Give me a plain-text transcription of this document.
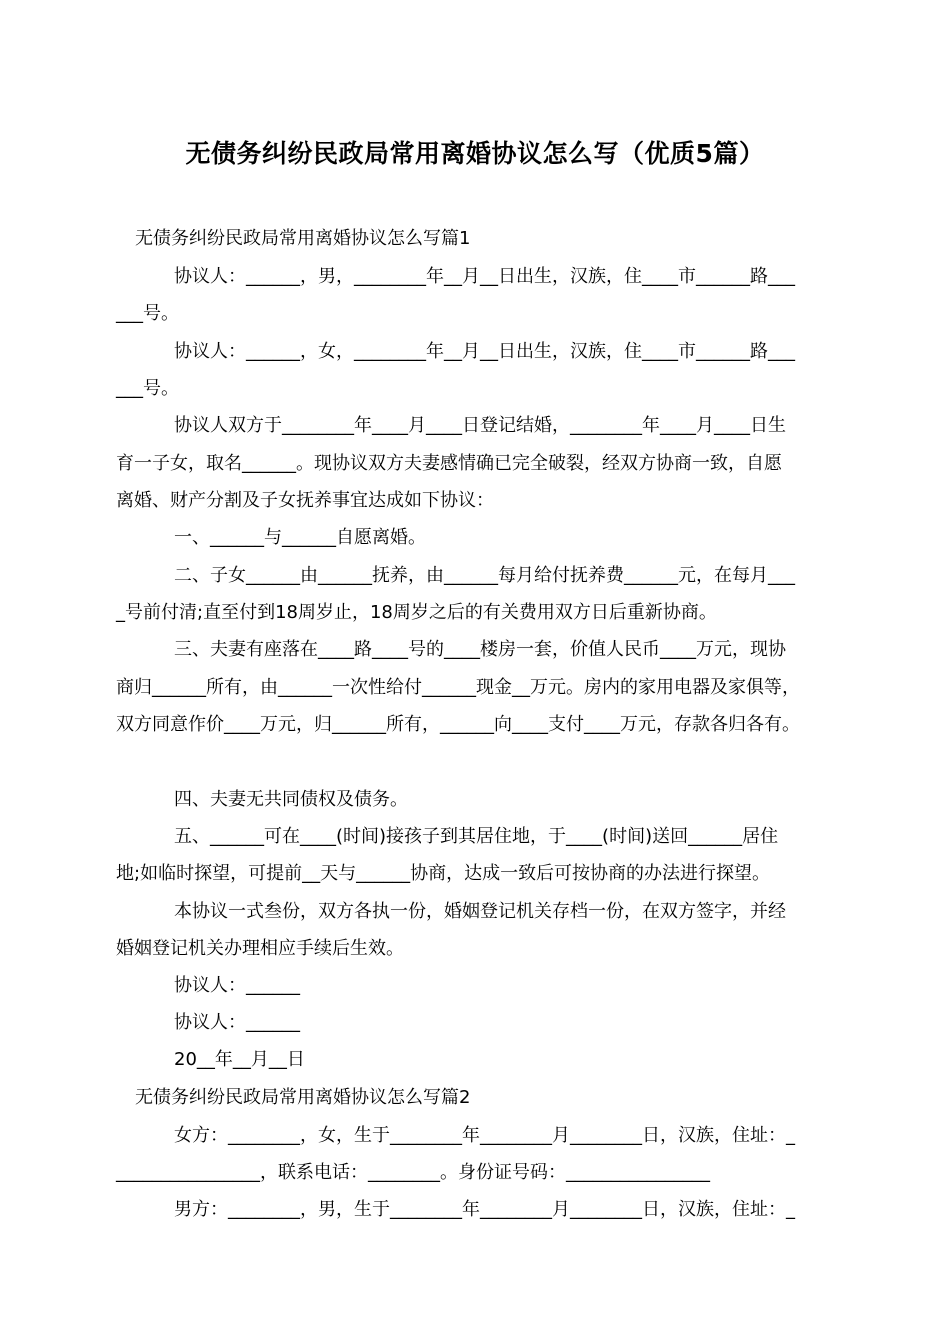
无债务纠纷民政局常用离婚协议怎么写（优质5篇）
无债务纠纷民政局常用离婚协议怎么写篇1
协议人：______，男，________年__月__日出生，汉族，住____市______路___
___号。
协议人：______，女，________年__月__日出生，汉族，住____市______路___
___号。
协议人双方于________年____月____日登记结婚，________年____月____日生
育一子女，取名______。现协议双方夫妻感情确已完全破裂，经双方协商一致，自愿
离婚、财产分割及子女抚养事宜达成如下协议：
一、______与______自愿离婚。
二、子女______由______抚养，由______每月给付抚养费______元，在每月___
_号前付清;直至付到18周岁止，18周岁之后的有关费用双方日后重新协商。
三、夫妻有座落在____路____号的____楼房一套，价值人民币____万元，现协
商归______所有，由______一次性给付______现金__万元。房内的家用电器及家俱等，
双方同意作价____万元，归______所有，______向____支付____万元，存款各归各有。
四、夫妻无共同债权及债务。
五、______可在____(时间)接孩子到其居住地，于____(时间)送回______居住
地;如临时探望，可提前__天与______协商，达成一致后可按协商的办法进行探望。
本协议一式叁份，双方各执一份，婚姻登记机关存档一份，在双方签字，并经
婚姻登记机关办理相应手续后生效。
协议人：______
协议人：______
20__年__月__日
无债务纠纷民政局常用离婚协议怎么写篇2
女方：________，女，生于________年________月________日，汉族，住址：_
________________，联系电话：________。身份证号码：________________
男方：________，男，生于________年________月________日，汉族，住址：_
